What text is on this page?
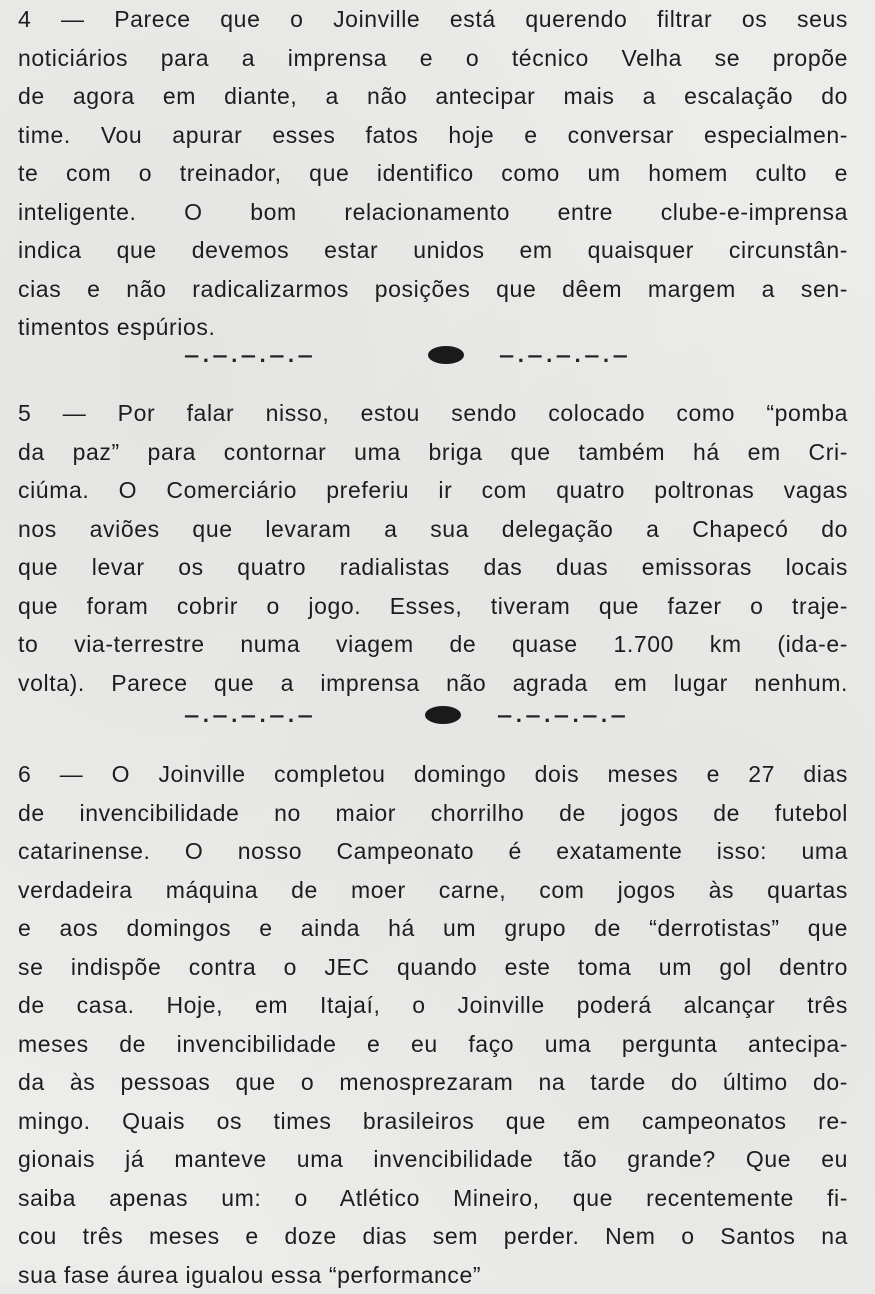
4 — Parece que o Joinville está querendo filtrar os seus
noticiários para a imprensa e o técnico Velha se propõe
de agora em diante, a não antecipar mais a escalação do
time. Vou apurar esses fatos hoje e conversar especialmen-
te com o treinador, que identifico como um homem culto e
inteligente. O bom relacionamento entre clube-e-imprensa
indica que devemos estar unidos em quaisquer circunstân-
cias e não radicalizarmos posições que dêem margem a sen-
timentos espúrios.
—.—.—.—.—	—.—.—.—.—
5 — Por falar nisso, estou sendo colocado como “pomba
da paz” para contornar uma briga que também há em Cri-
ciúma. O Comerciário preferiu ir com quatro poltronas vagas
nos aviões que levaram a sua delegação a Chapecó do
que levar os quatro radialistas das duas emissoras locais
que foram cobrir o jogo. Esses, tiveram que fazer o traje-
to via-terrestre numa viagem de quase 1.700 km (ida-e-
volta). Parece que a imprensa não agrada em lugar nenhum.
—.—.—.—.—	—.—.—.—.—
6 — O Joinville completou domingo dois meses e 27 dias
de invencibilidade no maior chorrilho de jogos de futebol
catarinense. O nosso Campeonato é exatamente isso: uma
verdadeira máquina de moer carne, com jogos às quartas
e aos domingos e ainda há um grupo de “derrotistas” que
se indispõe contra o JEC quando este toma um gol dentro
de casa. Hoje, em Itajaí, o Joinville poderá alcançar três
meses de invencibilidade e eu faço uma pergunta antecipa-
da às pessoas que o menosprezaram na tarde do último do-
mingo. Quais os times brasileiros que em campeonatos re-
gionais já manteve uma invencibilidade tão grande? Que eu
saiba apenas um: o Atlético Mineiro, que recentemente fi-
cou três meses e doze dias sem perder. Nem o Santos na
sua fase áurea igualou essa “performance”
